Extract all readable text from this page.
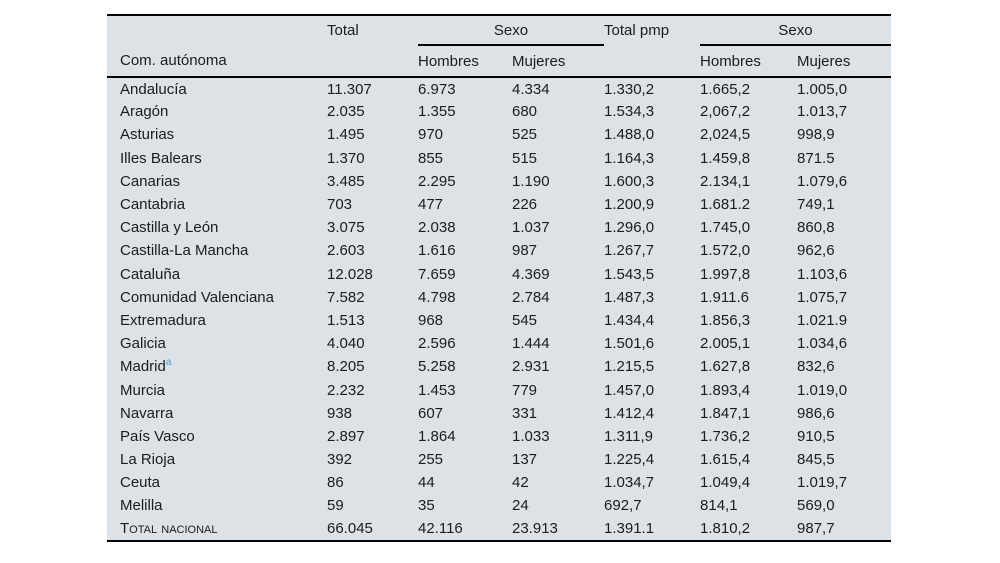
	Total	Sexo		Total pmp	Sexo	
Com. autónoma		Hombres	Mujeres		Hombres	Mujeres
Andalucía	11.307	6.973	4.334	1.330,2	1.665,2	1.005,0
Aragón	2.035	1.355	680	1.534,3	2,067,2	1.013,7
Asturias	1.495	970	525	1.488,0	2,024,5	998,9
Illes Balears	1.370	855	515	1.164,3	1.459,8	871.5
Canarias	3.485	2.295	1.190	1.600,3	2.134,1	1.079,6
Cantabria	703	477	226	1.200,9	1.681.2	749,1
Castilla y León	3.075	2.038	1.037	1.296,0	1.745,0	860,8
Castilla-La Mancha	2.603	1.616	987	1.267,7	1.572,0	962,6
Cataluña	12.028	7.659	4.369	1.543,5	1.997,8	1.103,6
Comunidad Valenciana	7.582	4.798	2.784	1.487,3	1.911.6	1.075,7
Extremadura	1.513	968	545	1.434,4	1.856,3	1.021.9
Galicia	4.040	2.596	1.444	1.501,6	2.005,1	1.034,6
Madrid$^a$	8.205	5.258	2.931	1.215,5	1.627,8	832,6
Murcia	2.232	1.453	779	1.457,0	1.893,4	1.019,0
Navarra	938	607	331	1.412,4	1.847,1	986,6
País Vasco	2.897	1.864	1.033	1.311,9	1.736,2	910,5
La Rioja	392	255	137	1.225,4	1.615,4	845,5
Ceuta	86	44	42	1.034,7	1.049,4	1.019,7
Melilla	59	35	24	692,7	814,1	569,0
Total nacional	66.045	42.116	23.913	1.391.1	1.810,2	987,7
